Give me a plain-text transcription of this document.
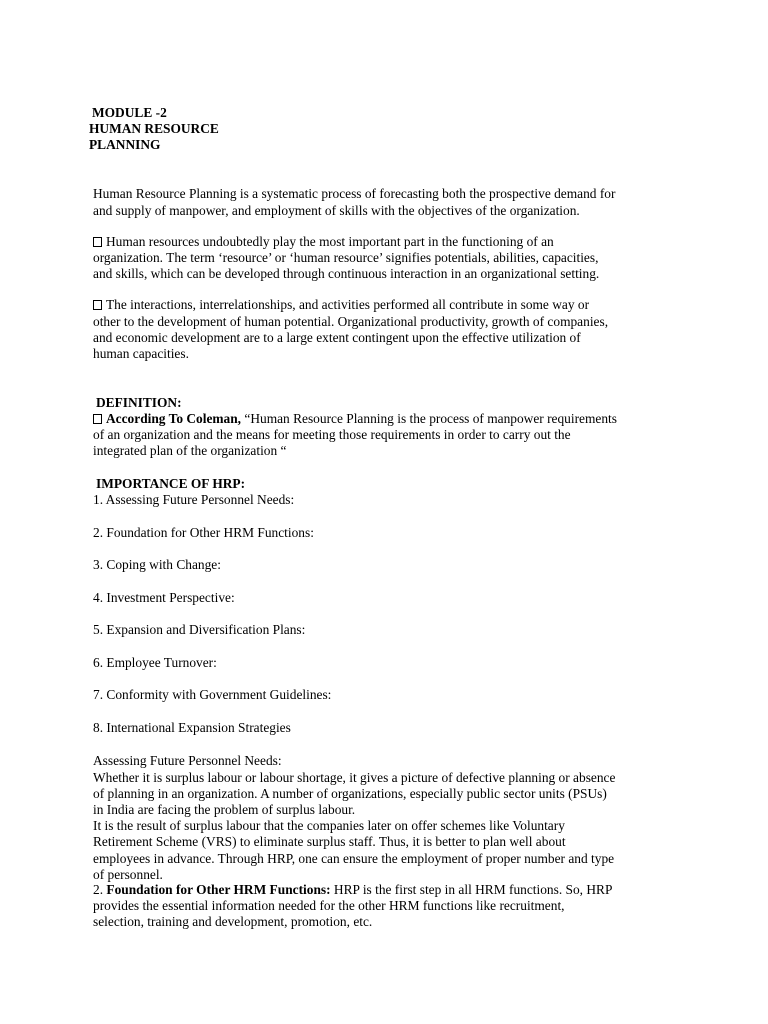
MODULE -2
HUMAN RESOURCE
PLANNING
Human Resource Planning is a systematic process of forecasting both the prospective demand for
and supply of manpower, and employment of skills with the objectives of the organization.
Human resources undoubtedly play the most important part in the functioning of an
organization. The term ‘resource’ or ‘human resource’ signifies potentials, abilities, capacities,
and skills, which can be developed through continuous interaction in an organizational setting.
The interactions, interrelationships, and activities performed all contribute in some way or
other to the development of human potential. Organizational productivity, growth of companies,
and economic development are to a large extent contingent upon the effective utilization of
human capacities.
DEFINITION:
According To Coleman, “Human Resource Planning is the process of manpower requirements
of an organization and the means for meeting those requirements in order to carry out the
integrated plan of the organization “
IMPORTANCE OF HRP:
1. Assessing Future Personnel Needs:
2. Foundation for Other HRM Functions:
3. Coping with Change:
4. Investment Perspective:
5. Expansion and Diversification Plans:
6. Employee Turnover:
7. Conformity with Government Guidelines:
8. International Expansion Strategies
Assessing Future Personnel Needs:
Whether it is surplus labour or labour shortage, it gives a picture of defective planning or absence
of planning in an organization. A number of organizations, especially public sector units (PSUs)
in India are facing the problem of surplus labour.
It is the result of surplus labour that the companies later on offer schemes like Voluntary
Retirement Scheme (VRS) to eliminate surplus staff. Thus, it is better to plan well about
employees in advance. Through HRP, one can ensure the employment of proper number and type
of personnel.
2. Foundation for Other HRM Functions: HRP is the first step in all HRM functions. So, HRP
provides the essential information needed for the other HRM functions like recruitment,
selection, training and development, promotion, etc.
